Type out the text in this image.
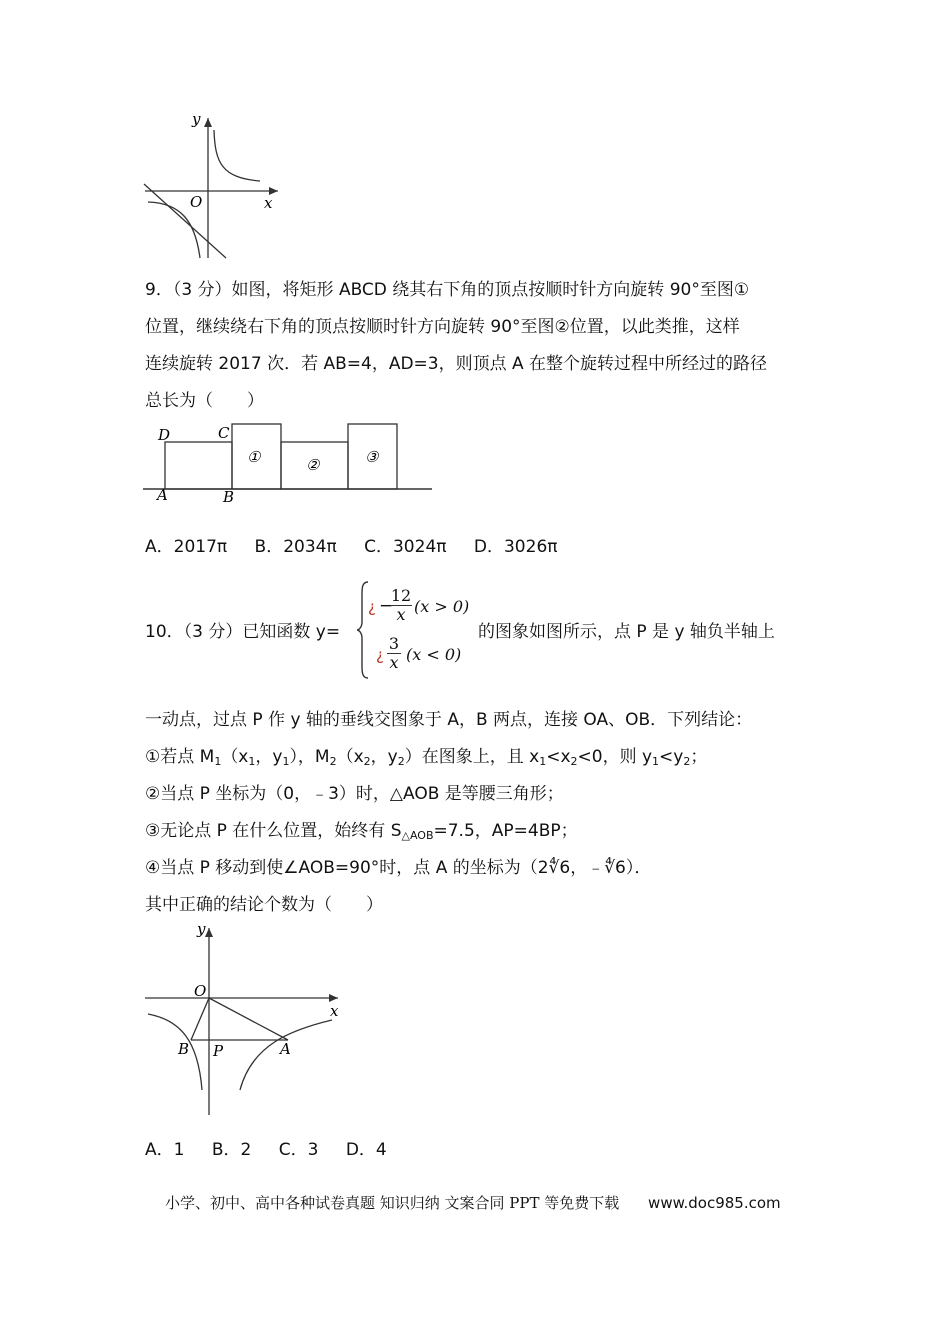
x
y
O
9．（3 分）如图，将矩形 ABCD 绕其右下角的顶点按顺时针方向旋转 90°至图①
位置，继续绕右下角的顶点按顺时针方向旋转 90°至图②位置，以此类推，这样
连续旋转 2017 次．若 AB=4，AD=3，则顶点 A 在整个旋转过程中所经过的路径
总长为（　　）
D	C
A	B
①	②	③
A．2017π B．2034π C．3024π D．3026π
10．（3 分）已知函数 y=
¿ −
$\frac{12}{x} (x > 0)$
¿ $\frac{3}{x} (x < 0)$
的图象如图所示，点 P 是 y 轴负半轴上
一动点，过点 P 作 y 轴的垂线交图象于 A，B 两点，连接 OA、OB．下列结论：
①若点 $M_1(x_1$，$y_1$），$M_2(x_2$，$y_2$）在图象上，且 $x_1<x_2<0$，则 $y_1<y_2$；
②当点 P 坐标为（0，﹣3）时，△AOB 是等腰三角形；
③无论点 P 在什么位置，始终有 $S_{\triangle AOB}=7.5$，AP=4BP；
④当点 P 移动到使∠AOB=90°时，点 A 的坐标为（2∜6，﹣∜6）．
其中正确的结论个数为（　　）
y
x
O
B P	A
A．1 B．2 C．3 D．4
小学、初中、高中各种试卷真题 知识归纳 文案合同 PPT 等免费下载 www.doc985.com
